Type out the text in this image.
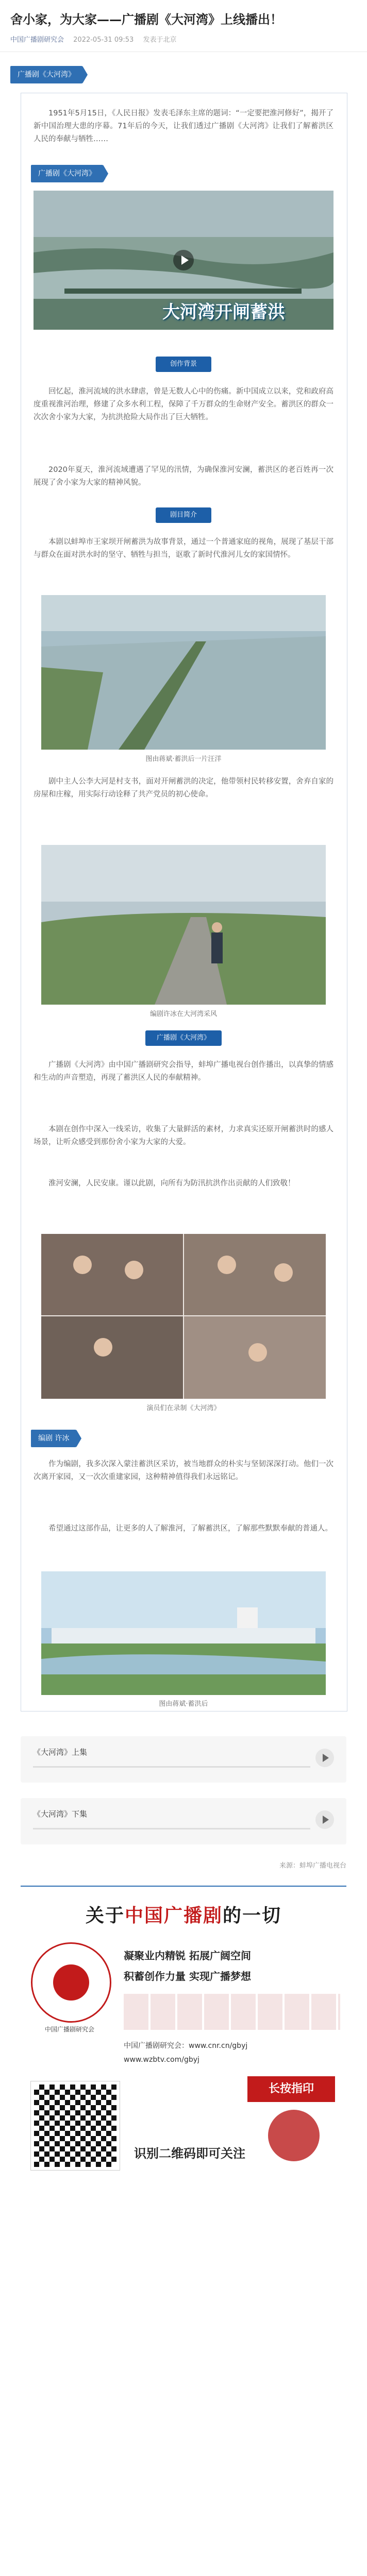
舍小家，为大家——广播剧《大河湾》上线播出！
中国广播剧研究会 2022-05-31 09:53 发表于北京
广播剧《大河湾》
1951年5月15日，《人民日报》发表毛泽东主席的题词：“一定要把淮河修好”，揭开了新中国治理大患的序幕。71年后的今天，让我们透过广播剧《大河湾》让我们了解蓄洪区人民的奉献与牺牲……
广播剧《大河湾》
大河湾开闸蓄洪
创作背景
回忆起，淮河流域的洪水肆虐，曾是无数人心中的伤痛。新中国成立以来，党和政府高度重视淮河治理，修建了众多水利工程，保障了千万群众的生命财产安全。蓄洪区的群众一次次舍小家为大家，为抗洪抢险大局作出了巨大牺牲。
2020年夏天，淮河流域遭遇了罕见的汛情，为确保淮河安澜，蓄洪区的老百姓再一次展现了舍小家为大家的精神风貌。
剧目简介
本剧以蚌埠市王家坝开闸蓄洪为故事背景，通过一个普通家庭的视角，展现了基层干部与群众在面对洪水时的坚守、牺牲与担当，讴歌了新时代淮河儿女的家国情怀。
图由蒋斌·蓄洪后一片汪洋
剧中主人公李大河是村支书，面对开闸蓄洪的决定，他带领村民转移安置，舍弃自家的房屋和庄稼，用实际行动诠释了共产党员的初心使命。
编剧许冰在大河湾采风
广播剧《大河湾》
广播剧《大河湾》由中国广播剧研究会指导，蚌埠广播电视台创作播出，以真挚的情感和生动的声音塑造，再现了蓄洪区人民的奉献精神。
本剧在创作中深入一线采访，收集了大量鲜活的素材，力求真实还原开闸蓄洪时的感人场景，让听众感受到那份舍小家为大家的大爱。
淮河安澜，人民安康。谨以此剧，向所有为防汛抗洪作出贡献的人们致敬！
演员们在录制《大河湾》
编剧 许冰
作为编剧，我多次深入蒙洼蓄洪区采访，被当地群众的朴实与坚韧深深打动。他们一次次离开家园，又一次次重建家园，这种精神值得我们永远铭记。
希望通过这部作品，让更多的人了解淮河，了解蓄洪区，了解那些默默奉献的普通人。
图由蒋斌·蓄洪后
《大河湾》上集
《大河湾》下集
来源：蚌埠广播电视台
关于中国广播剧的一切
中国广播剧研究会
凝聚业内精锐 拓展广阔空间
积蓄创作力量 实现广播梦想
中国广播剧研究会：www.cnr.cn/gbyj
www.wzbtv.com/gbyj
长按指印
识别二维码即可关注
